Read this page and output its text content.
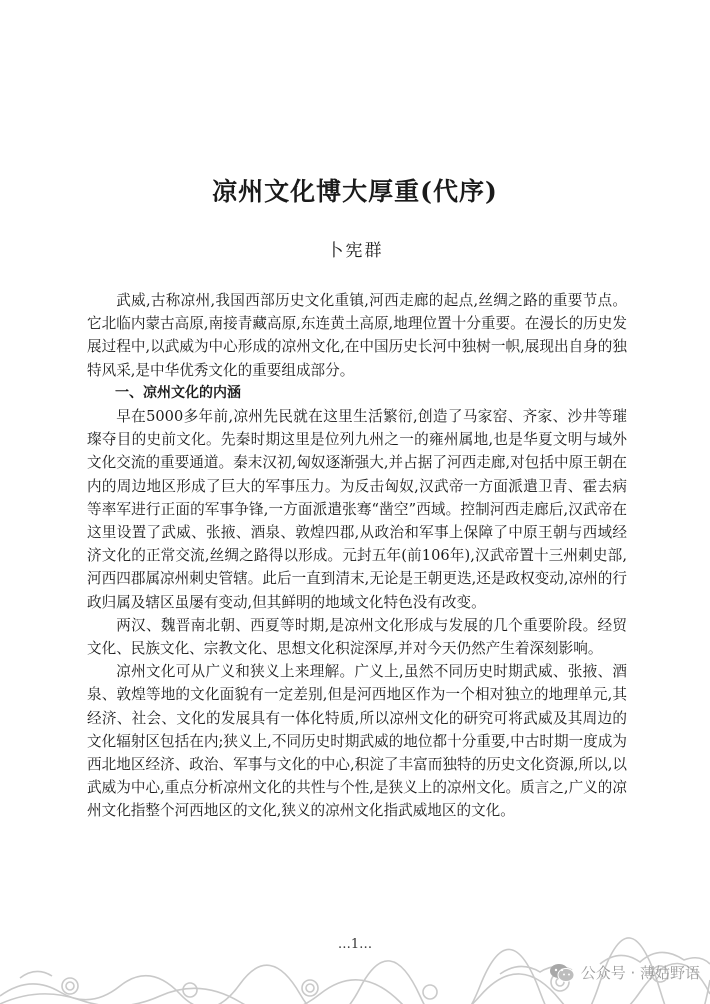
凉州文化博大厚重(代序)
卜宪群

武威,古称凉州,我国西部历史文化重镇,河西走廊的起点,丝绸之路的重要节点。它北临内蒙古高原,南接青藏高原,东连黄土高原,地理位置十分重要。在漫长的历史发展过程中,以武威为中心形成的凉州文化,在中国历史长河中独树一帜,展现出自身的独特风采,是中华优秀文化的重要组成部分。

一、凉州文化的内涵

早在5000多年前,凉州先民就在这里生活繁衍,创造了马家窑、齐家、沙井等璀璨夺目的史前文化。先秦时期这里是位列九州之一的雍州属地,也是华夏文明与域外文化交流的重要通道。秦末汉初,匈奴逐渐强大,并占据了河西走廊,对包括中原王朝在内的周边地区形成了巨大的军事压力。为反击匈奴,汉武帝一方面派遣卫青、霍去病等率军进行正面的军事争锋,一方面派遣张骞“凿空”西域。控制河西走廊后,汉武帝在这里设置了武威、张掖、酒泉、敦煌四郡,从政治和军事上保障了中原王朝与西域经济文化的正常交流,丝绸之路得以形成。元封五年(前106年),汉武帝置十三州刺史部,河西四郡属凉州刺史管辖。此后一直到清末,无论是王朝更迭,还是政权变动,凉州的行政归属及辖区虽屡有变动,但其鲜明的地域文化特色没有改变。

两汉、魏晋南北朝、西夏等时期,是凉州文化形成与发展的几个重要阶段。经贸文化、民族文化、宗教文化、思想文化积淀深厚,并对今天仍然产生着深刻影响。

凉州文化可从广义和狭义上来理解。广义上,虽然不同历史时期武威、张掖、酒泉、敦煌等地的文化面貌有一定差别,但是河西地区作为一个相对独立的地理单元,其经济、社会、文化的发展具有一体化特质,所以凉州文化的研究可将武威及其周边的文化辐射区包括在内;狭义上,不同历史时期武威的地位都十分重要,中古时期一度成为西北地区经济、政治、军事与文化的中心,积淀了丰富而独特的历史文化资源,所以,以武威为中心,重点分析凉州文化的共性与个性,是狭义上的凉州文化。质言之,广义的凉州文化指整个河西地区的文化,狭义的凉州文化指武威地区的文化。

…1…
公众号 · 薄姑野语
